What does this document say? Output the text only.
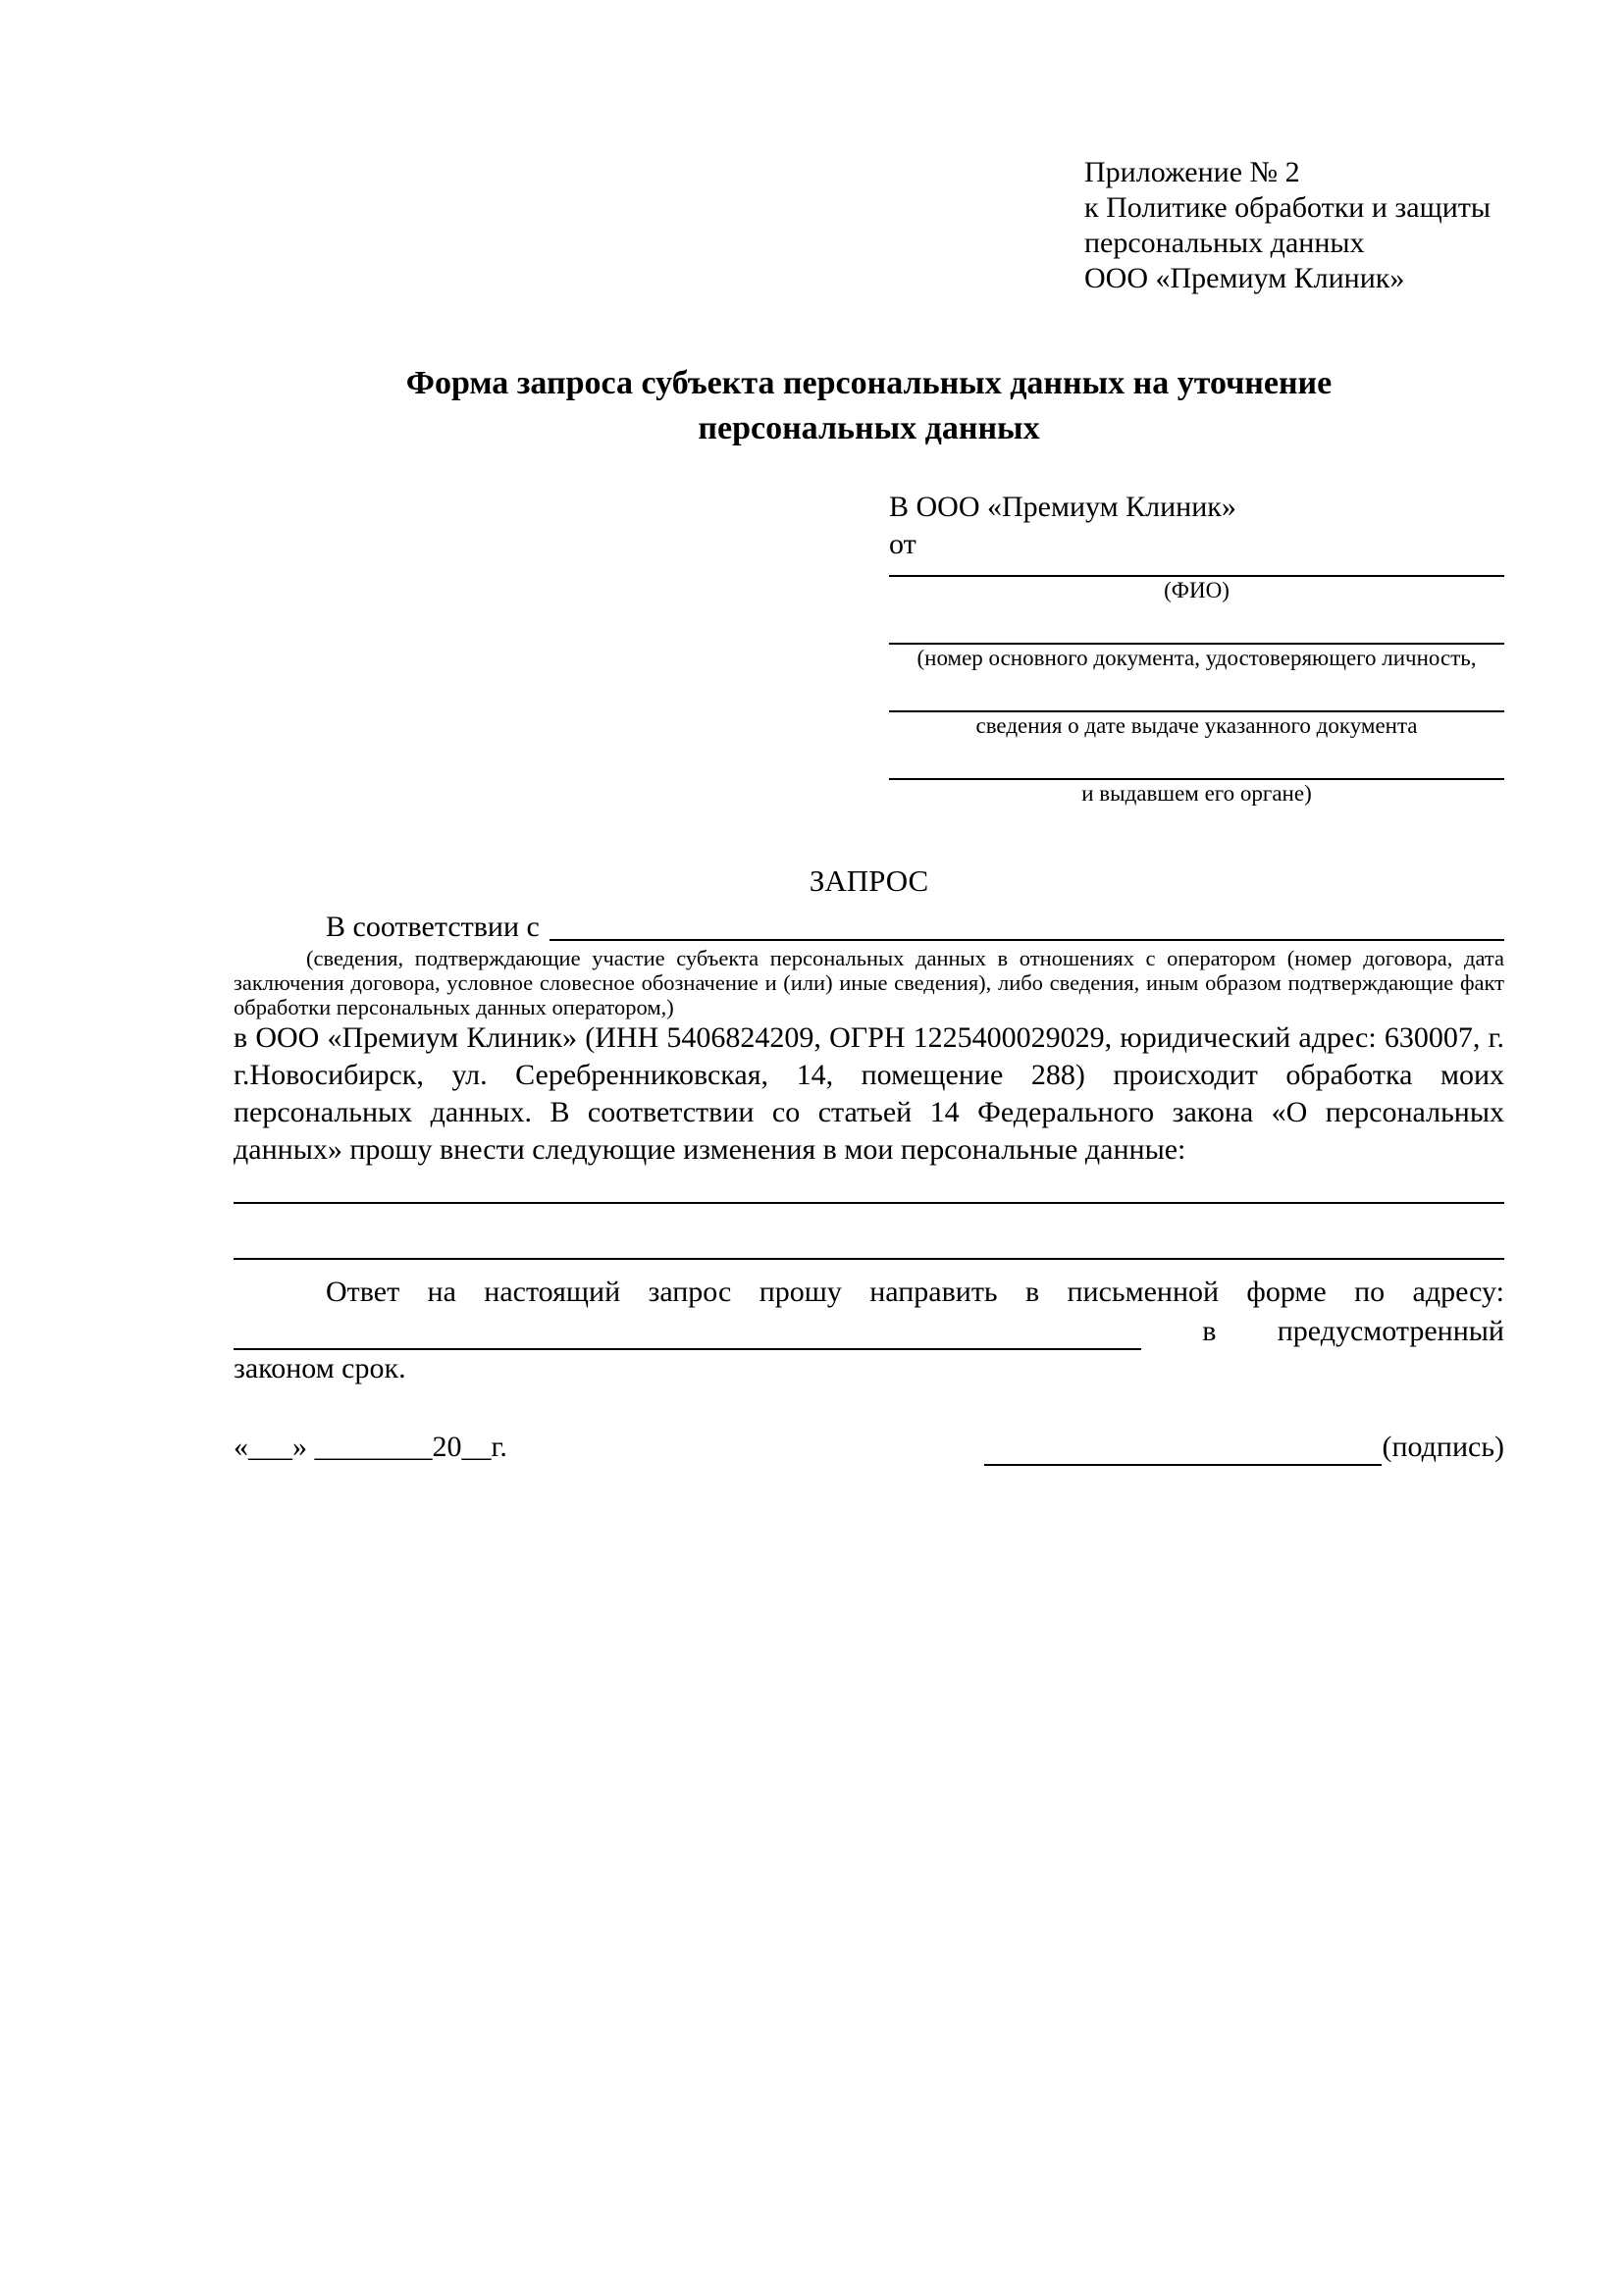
Приложение № 2
к Политике обработки и защиты
персональных данных
ООО «Премиум Клиник»
Форма запроса субъекта персональных данных на уточнение
персональных данных
В ООО «Премиум Клиник»
от
(ФИО)
(номер основного документа, удостоверяющего личность,
сведения о дате выдаче указанного документа
и выдавшем его органе)
ЗАПРОС
В соответствии с
(сведения, подтверждающие участие субъекта персональных данных в отношениях с оператором (номер договора, дата заключения договора, условное словесное обозначение и (или) иные сведения), либо сведения, иным образом подтверждающие факт обработки персональных данных оператором,)

в ООО «Премиум Клиник» (ИНН 5406824209, ОГРН 1225400029029, юридический адрес: 630007, г. г.Новосибирск, ул. Серебренниковская, 14, помещение 288) происходит обработка моих персональных данных. В соответствии со статьей 14 Федерального закона «О персональных данных» прошу внести следующие изменения в мои персональные данные:

Ответ на настоящий запрос прошу направить в письменной форме по адресу:
в предусмотренный
законом срок.
«___» ________20__г.	(подпись)
